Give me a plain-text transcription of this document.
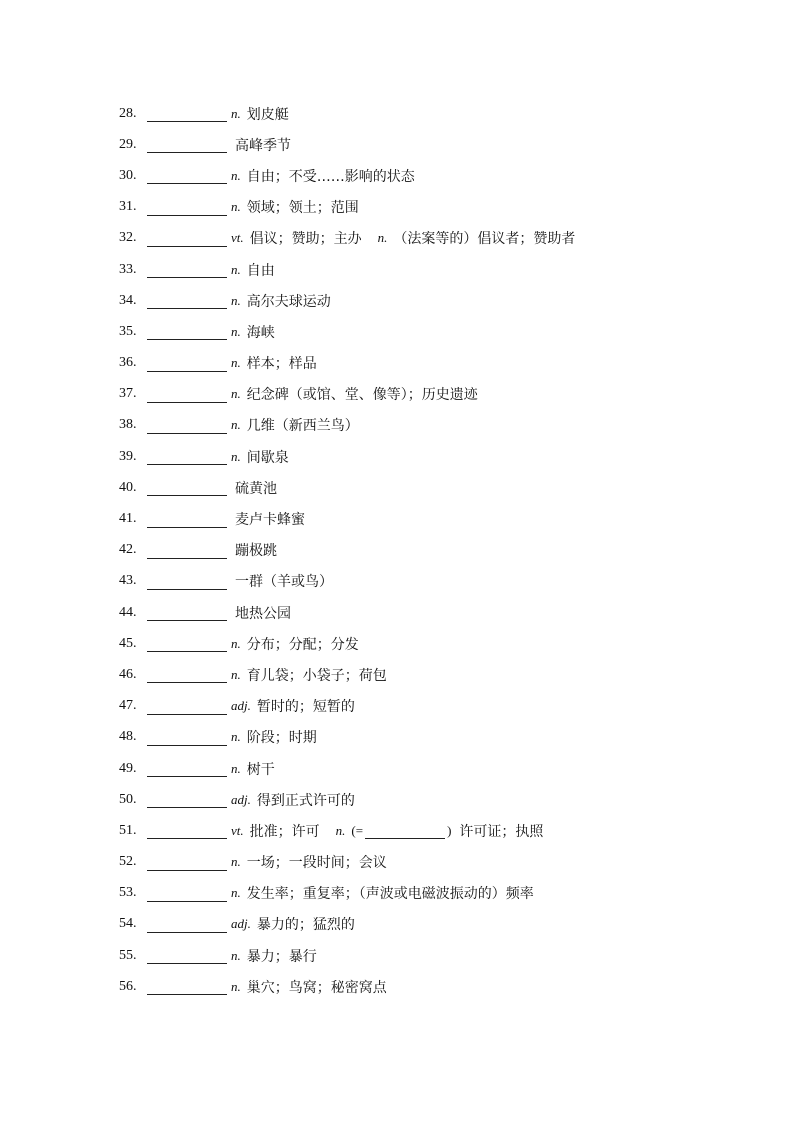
28.	n. 划皮艇
29.	高峰季节
30.	n. 自由；不受……影响的状态
31.	n. 领域；领土；范围
32.	vt. 倡议；赞助；主办 n. （法案等的）倡议者；赞助者
33.	n. 自由
34.	n. 高尔夫球运动
35.	n. 海峡
36.	n. 样本；样品
37.	n. 纪念碑（或馆、堂、像等）；历史遗迹
38.	n. 几维（新西兰鸟）
39.	n. 间歇泉
40.	硫黄池
41.	麦卢卡蜂蜜
42.	蹦极跳
43.	一群（羊或鸟）
44.	地热公园
45.	n. 分布；分配；分发
46.	n. 育儿袋；小袋子；荷包
47.	adj. 暂时的；短暂的
48.	n. 阶段；时期
49.	n. 树干
50.	adj. 得到正式许可的
51.	vt. 批准；许可 n. (=	) 许可证；执照
52.	n. 一场；一段时间；会议
53.	n. 发生率；重复率；（声波或电磁波振动的）频率
54.	adj. 暴力的；猛烈的
55.	n. 暴力；暴行
56.	n. 巢穴；鸟窝；秘密窝点
